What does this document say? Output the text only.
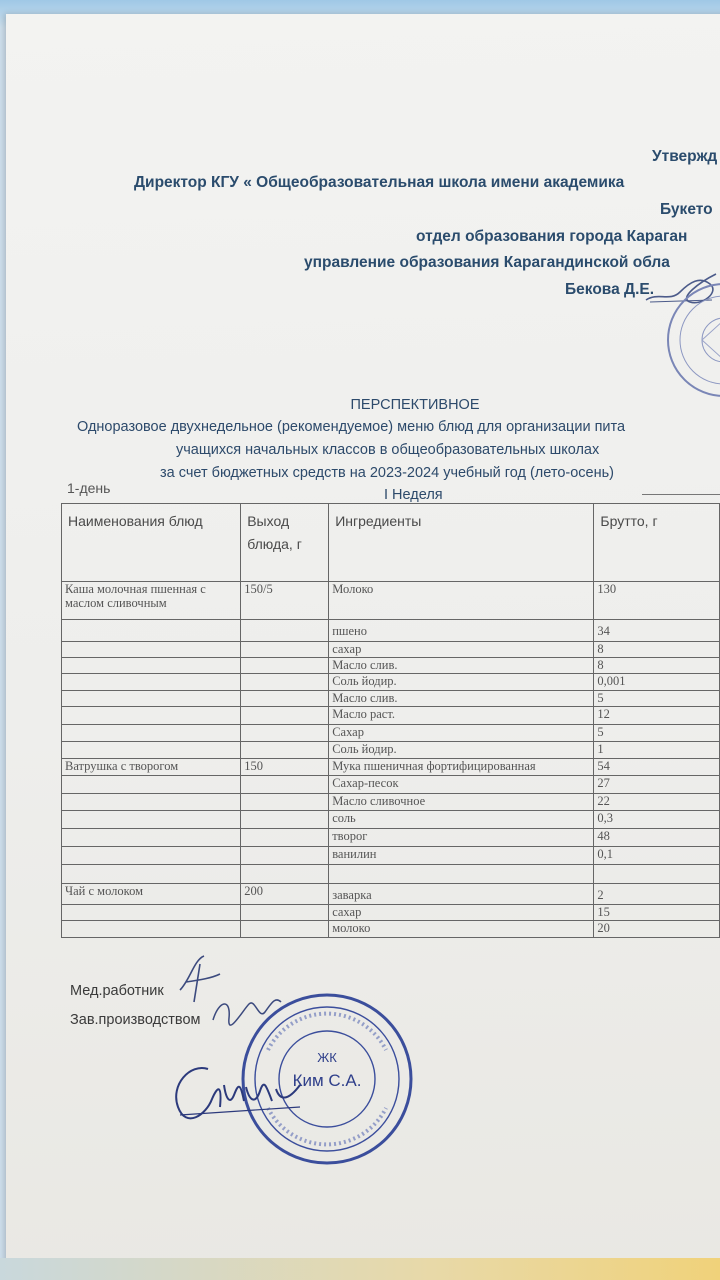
Утвержд
Директор КГУ « Общеобразовательная школа имени академика
Букето
отдел образования города Караган
управление образования Карагандинской обла
Бекова Д.Е.
ПЕРСПЕКТИВНОЕ
Одноразовое двухнедельное (рекомендуемое) меню блюд для организации пита
учащихся начальных классов в общеобразовательных школах
за счет бюджетных средств на 2023-2024 учебный год (лето-осень)
I Неделя
1-день
Наименования блюд	Выход блюда, г	Ингредиенты	Брутто, г
Каша молочная пшенная с маслом сливочным	150/5	Молоко	130
		пшено	34
		сахар	8
		Масло слив.	8
		Соль йодир.	0,001
		Масло слив.	5
		Масло раст.	12
		Сахар	5
		Соль йодир.	1
Ватрушка с творогом	150	Мука пшеничная фортифицированная	54
		Сахар-песок	27
		Масло сливочное	22
		соль	0,3
		творог	48
		ванилин	0,1

Чай с молоком	200	заварка	2
		сахар	15
		молоко	20
Мед.работник
Зав.производством
ЖК
Ким С.А.
